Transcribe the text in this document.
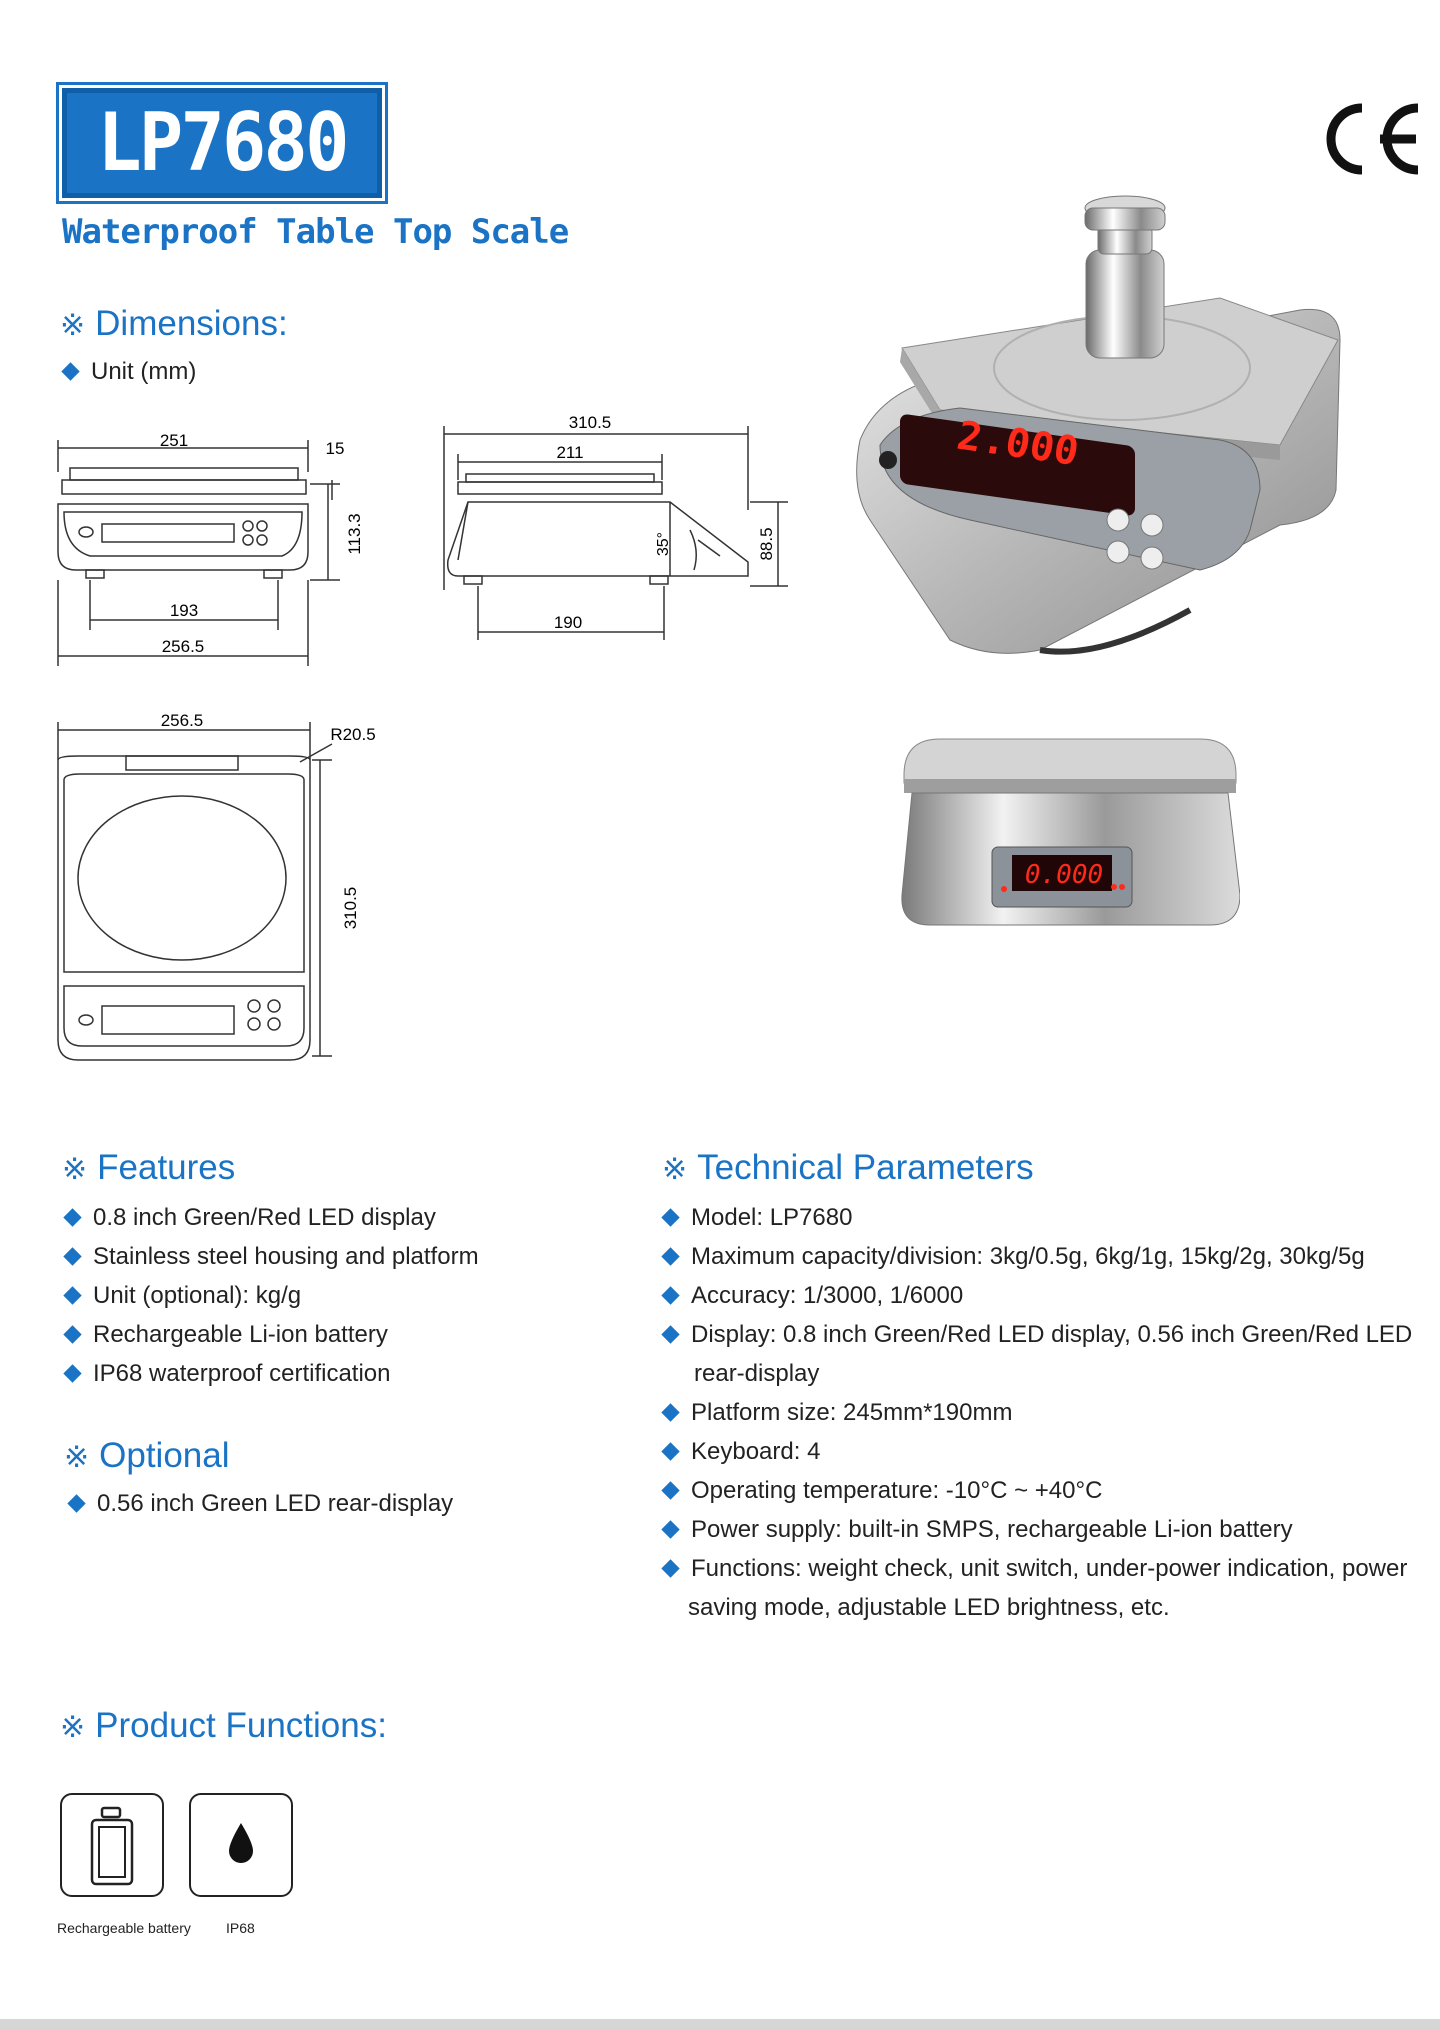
LP7680
Waterproof Table Top Scale
※ Dimensions:
Unit (mm)
251	15
113.3
193
256.5
310.5
211
35°	88.5
190
256.5
R20.5
310.5
2.000
0.000
※ Features
0.8 inch Green/Red LED display
Stainless steel housing and platform
Unit (optional): kg/g
Rechargeable Li-ion battery
IP68 waterproof certification
※ Optional
0.56 inch Green LED rear-display
※ Technical Parameters
Model: LP7680
Maximum capacity/division: 3kg/0.5g, 6kg/1g, 15kg/2g, 30kg/5g
Accuracy: 1/3000, 1/6000
Display: 0.8 inch Green/Red LED display, 0.56 inch Green/Red LED
rear-display
Platform size: 245mm*190mm
Keyboard: 4
Operating temperature: -10°C ~ +40°C
Power supply: built-in SMPS, rechargeable Li-ion battery
Functions: weight check, unit switch, under-power indication, power
saving mode, adjustable LED brightness, etc.
※ Product Functions:
Rechargeable battery	IP68
